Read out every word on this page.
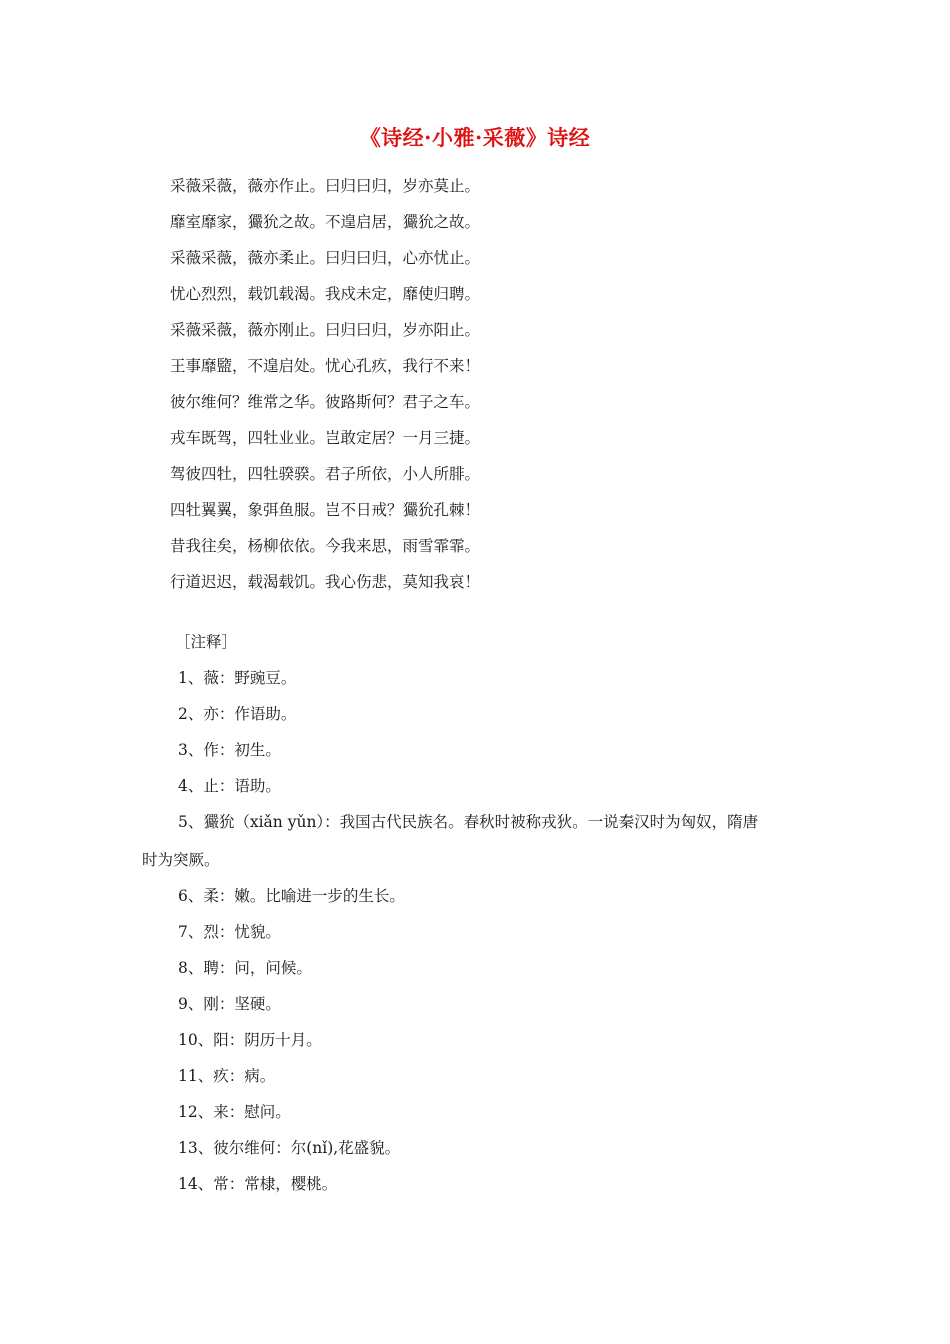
《诗经·小雅·采薇》诗经
采薇采薇，薇亦作止。曰归曰归，岁亦莫止。
靡室靡家，玁狁之故。不遑启居，玁狁之故。
采薇采薇，薇亦柔止。曰归曰归，心亦忧止。
忧心烈烈，载饥载渴。我戍未定，靡使归聘。
采薇采薇，薇亦刚止。曰归曰归，岁亦阳止。
王事靡盬，不遑启处。忧心孔疚，我行不来！
彼尔维何？维常之华。彼路斯何？君子之车。
戎车既驾，四牡业业。岂敢定居？一月三捷。
驾彼四牡，四牡骙骙。君子所依，小人所腓。
四牡翼翼，象弭鱼服。岂不日戒？玁狁孔棘！
昔我往矣，杨柳依依。今我来思，雨雪霏霏。
行道迟迟，载渴载饥。我心伤悲，莫知我哀！
［注释］
1、薇：野豌豆。
2、亦：作语助。
3、作：初生。
4、止：语助。
5、玁狁（xiǎn yǔn）：我国古代民族名。春秋时被称戎狄。一说秦汉时为匈奴，隋唐
时为突厥。
6、柔：嫩。比喻进一步的生长。
7、烈：忧貌。
8、聘：问，问候。
9、刚：坚硬。
10、阳：阴历十月。
11、疚：病。
12、来：慰问。
13、彼尔维何：尔(nǐ),花盛貌。
14、常：常棣，樱桃。
